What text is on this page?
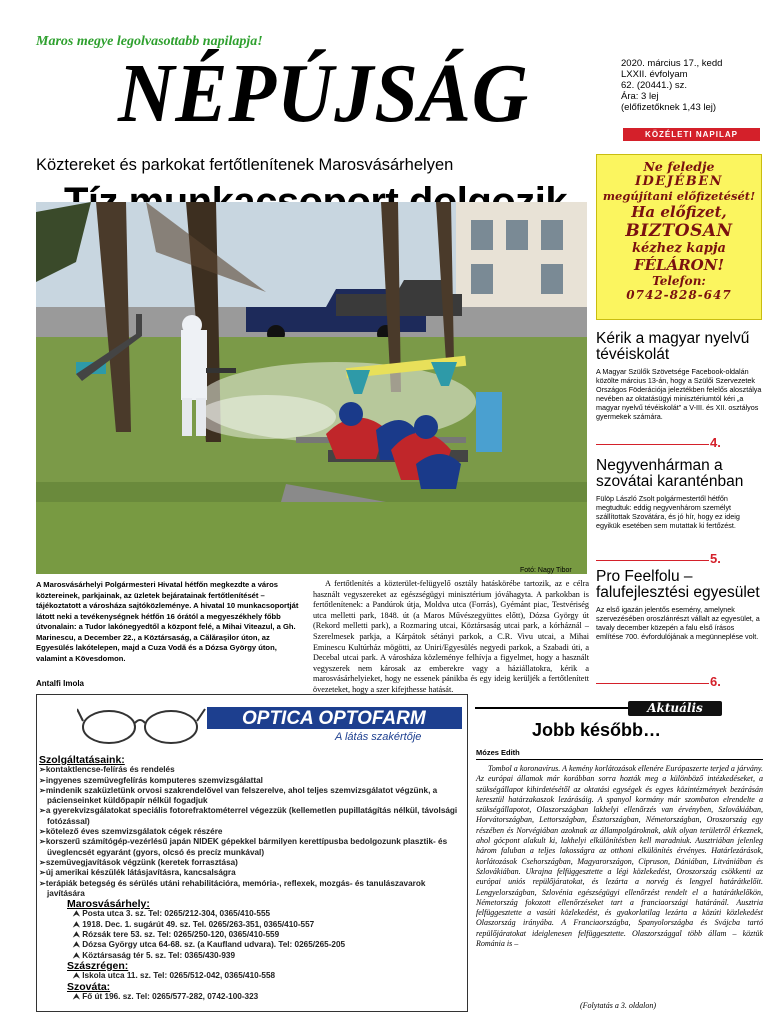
Maros megye legolvasottabb napilapja!
NÉPÚJSÁG	2020. március 17., kedd
LXXII. évfolyam
62. (20441.) sz.
Ára: 3 lej
(előfizetőknek 1,43 lej)
KÖZÉLETI NAPILAP
Köztereket és parkokat fertőtlenítenek Marosvásárhelyen	Ne feledje
IDEJÉBEN
megújítani előfizetését!
Ha előfizet,
BIZTOSAN
kézhez kapja
FÉLÁRON!
Telefon:
0742-828-647
Fotó: Nagy Tibor
Kérik a magyar nyelvű tévéiskolát
A Magyar Szülők Szövetsége Facebook-oldalán közölte március 13-án, hogy a Szülői Szervezetek Országos Föderációja jeleztékben felelős alosztálya nevében az oktatásügyi minisztériumtól kéri „a magyar nyelvű tévéiskolát" a V-III. és XII. osztályos gyermekek számára.
4.
Negyvenhárman a szovátai karanténban
Fülöp László Zsolt polgármestertől hétfőn megtudtuk: eddig negyvenhárom személyt szállítottak Szovátára, és jó hír, hogy ez ideig egyikük esetében sem mutattak ki fertőzést.
5.
Pro Feelfolu – falufejlesztési egyesület
Az első igazán jelentős esemény, amelynek szervezésében oroszlánrészt vállalt az egyesület, a tavaly december közepén a falu első írásos említése 700. évfordulójának a megünneplése volt.
6.
A Marosvásárhelyi Polgármesteri Hivatal hétfőn megkezdte a város köztereinek, parkjainak, az üzletek bejáratainak fertőtlenítését – tájékoztatott a városháza sajtóközleménye. A hivatal 10 munkacsoportját látott neki a tevékenységnek hétfőn 16 órától a megyeszékhely főbb útvonalain: a Tudor lakónegyedtől a központ felé, a Mihai Viteazul, a Gh. Marinescu, a December 22., a Köztársaság, a Călărașilor úton, az Egyesülés lakótelepen, majd a Cuza Vodă és a Dózsa György úton, valamint a Kövesdomon.
Antalfi Imola
A fertőtlenítés a közterület-felügyelő osztály hatáskörébe tartozik, az e célra használt vegyszereket az egészségügyi minisztérium jóváhagyta. A parkokban is fertőtlenítenek: a Pandúrok útja, Moldva utca (Forrás), Gyémánt piac, Testvériség utca melletti park, 1848. út (a Maros Művészegyüttes előtt), Dózsa György út (Rekord melletti park), a Rozmaring utcai, Köztársaság utcai park, a kórháznál – Szerelmesek parkja, a Kárpátok sétányi parkok, a C.R. Vivu utcai, a Mihai Eminescu Kultúrház mögötti, az Uniri/Egyesülés negyedi parkok, a Szabadi úti, a Decebal utcai park. A városháza közleménye felhívja a figyelmet, hogy a használt vegyszerek nem károsak az emberekre vagy a háziállatokra, kérik a marosvásárhelyieket, hogy ne essenek pánikba és egy ideig kerüljék a fertőtlenített övezeteket, hogy a szer kifejthesse hatását.
OPTICA OPTOFARM
A látás szakértője
Szolgáltatásaink:
➢kontaktlencse-felírás és rendelés
➢ingyenes szemüvegfelírás komputeres szemvizsgálattal
➢mindenik szaküzletünk orvosi szakrendelővel van felszerelve, ahol teljes szemvizsgálatot végzünk, a pácienseinket küldőpapír nélkül fogadjuk
➢a gyerekvizsgálatokat speciális fotorefraktométerrel végezzük (kellemetlen pupillatágítás nélkül, távolsági fotózással)
➢kötelező éves szemvizsgálatok cégek részére
➢korszerű számítógép-vezérlésű japán NIDEK gépekkel bármilyen kerettípusba bedolgozunk plasztik- és üveglencsét egyaránt (gyors, olcsó és precíz munkával)
➢szemüvegjavítások végzünk (keretek forrasztása)
➢új amerikai készülék látásjavításra, kancsalságra
➢terápiák betegség és sérülés utáni rehabilitációra, memória-, reflexek, mozgás- és tanulászavarok javítására
Marosvásárhely:
⮝ Posta utca 3. sz. Tel: 0265/212-304, 0365/410-555
⮝ 1918. Dec. 1. sugárút 49. sz. Tel. 0265/263-351, 0365/410-557
⮝ Rózsák tere 53. sz. Tel: 0265/250-120, 0365/410-559
⮝ Dózsa György utca 64-68. sz. (a Kaufland udvara). Tel: 0265/265-205
⮝ Köztársaság tér 5. sz. Tel: 0365/430-939
Szászrégen:
⮝ Iskola utca 11. sz. Tel: 0265/512-042, 0365/410-558
Szováta:
⮝ Fő út 196. sz. Tel: 0265/577-282, 0742-100-323
Aktuális
Jobb később…
Mózes Edith
Tombol a koronavírus. A kemény korlátozások ellenére Európaszerte terjed a járvány. Az európai államok már korábban sorra hozták meg a különböző intézkedéseket, a szükségállapot kihirdetésétől az oktatási egységek és egyes közintézmények bezárásán keresztül határzakaszok lezárásáig. A spanyol kormány már szombaton elrendelte a szükségállapotot, Olaszországban lakhelyi ellenőrzés van érvényben, Szlovákiában, Horvátországban, Lettországban, Észtországban, Németországban, Oroszország egy részében és Norvégiában azoknak az állampolgároknak, akik olyan területről érkeznek, ahol gócpont alakult ki, lakhelyi elkülönítésben kell maradniuk. Ausztriában jelenleg három faluban a teljes lakosságra az otthoni elkülönítés érvényes. Határlezárások, korlátozások Csehországban, Magyarországon, Cipruson, Dániában, Litvániában és Szlovákiában. Ukrajna felfüggesztette a légi közlekedést, Oroszország csökkenti az európai uniós repülőjáratokat, és lezárta a norvég és lengyel határátkelőit. Lengyelországban, Szlovénia egészségügyi ellenőrzést rendelt el a határátkelőkön, Németország fokozott ellenőrzéseket tart a franciaországi határánál. Ausztria felfüggesztette a vasúti közlekedést, és gyakorlatilag lezárta a közúti közlekedést Olaszország irányába. A Franciaországba, Spanyolországba és Svájcba tartó repülőjáratokat ideiglenesen felfüggesztette. Olaszországgal több állam – köztük Románia is –
(Folytatás a 3. oldalon)
